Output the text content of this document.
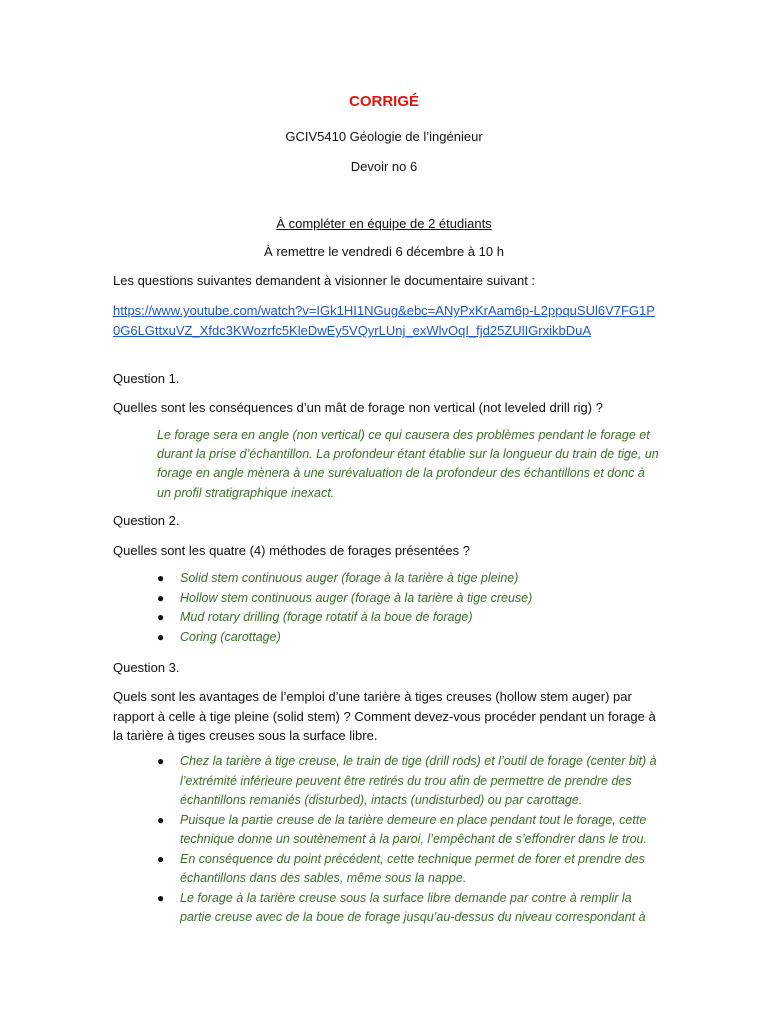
CORRIGÉ
GCIV5410 Géologie de l’ingénieur
Devoir no 6
À compléter en équipe de 2 étudiants
À remettre le vendredi 6 décembre à 10 h
Les questions suivantes demandent à visionner le documentaire suivant :
https://www.youtube.com/watch?v=IGk1HI1NGug&ebc=ANyPxKrAam6p-L2ppquSUl6V7FG1P0G6LGttxuVZ_Xfdc3KWozrfc5KleDwEy5VQyrLUnj_exWlvOqI_fjd25ZUlIGrxikbDuA
Question 1.
Quelles sont les conséquences d’un mât de forage non vertical (not leveled drill rig) ?
Le forage sera en angle (non vertical) ce qui causera des problèmes pendant le forage et durant la prise d’échantillon. La profondeur étant établie sur la longueur du train de tige, un forage en angle mènera à une surévaluation de la profondeur des échantillons et donc à un profil stratigraphique inexact.
Question 2.
Quelles sont les quatre (4) méthodes de forages présentées ?
● Solid stem continuous auger (forage à la tarière à tige pleine)
● Hollow stem continuous auger (forage à la tarière à tige creuse)
● Mud rotary drilling (forage rotatif à la boue de forage)
● Coring (carottage)
Question 3.
Quels sont les avantages de l’emploi d’une tarière à tiges creuses (hollow stem auger) par rapport à celle à tige pleine (solid stem) ? Comment devez-vous procéder pendant un forage à la tarière à tiges creuses sous la surface libre.
● Chez la tarière à tige creuse, le train de tige (drill rods) et l’outil de forage (center bit) à l’extrémité inférieure peuvent être retirés du trou afin de permettre de prendre des échantillons remaniés (disturbed), intacts (undisturbed) ou par carottage.
● Puisque la partie creuse de la tarière demeure en place pendant tout le forage, cette technique donne un soutènement à la paroi, l’empêchant de s’effondrer dans le trou.
● En conséquence du point précédent, cette technique permet de forer et prendre des échantillons dans des sables, même sous la nappe.
● Le forage à la tarière creuse sous la surface libre demande par contre à remplir la partie creuse avec de la boue de forage jusqu’au-dessus du niveau correspondant à
